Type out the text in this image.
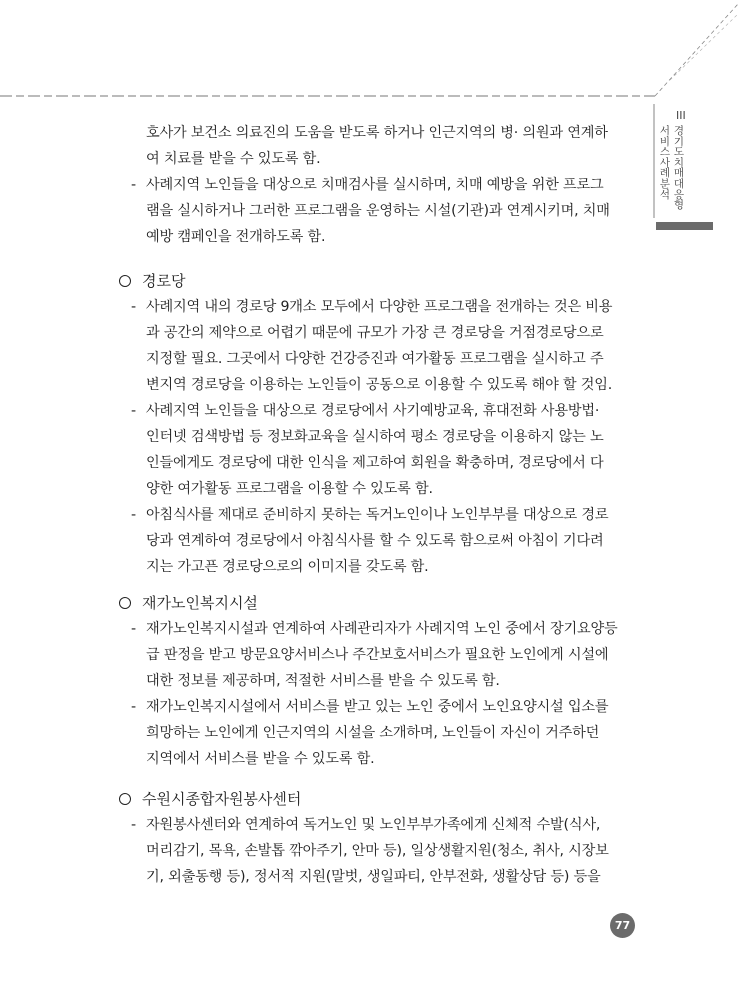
III
경기도치매대응형
서비스사례분석
호사가 보건소 의료진의 도움을 받도록 하거나 인근지역의 병· 의원과 연계하
여 치료를 받을 수 있도록 함.
- 사례지역 노인들을 대상으로 치매검사를 실시하며, 치매 예방을 위한 프로그
램을 실시하거나 그러한 프로그램을 운영하는 시설(기관)과 연계시키며, 치매
예방 캠페인을 전개하도록 함.
경로당
- 사례지역 내의 경로당 9개소 모두에서 다양한 프로그램을 전개하는 것은 비용
과 공간의 제약으로 어렵기 때문에 규모가 가장 큰 경로당을 거점경로당으로
지정할 필요. 그곳에서 다양한 건강증진과 여가활동 프로그램을 실시하고 주
변지역 경로당을 이용하는 노인들이 공동으로 이용할 수 있도록 해야 할 것임.
- 사례지역 노인들을 대상으로 경로당에서 사기예방교육, 휴대전화 사용방법·
인터넷 검색방법 등 정보화교육을 실시하여 평소 경로당을 이용하지 않는 노
인들에게도 경로당에 대한 인식을 제고하여 회원을 확충하며, 경로당에서 다
양한 여가활동 프로그램을 이용할 수 있도록 함.
- 아침식사를 제대로 준비하지 못하는 독거노인이나 노인부부를 대상으로 경로
당과 연계하여 경로당에서 아침식사를 할 수 있도록 함으로써 아침이 기다려
지는 가고픈 경로당으로의 이미지를 갖도록 함.
재가노인복지시설
- 재가노인복지시설과 연계하여 사례관리자가 사례지역 노인 중에서 장기요양등
급 판정을 받고 방문요양서비스나 주간보호서비스가 필요한 노인에게 시설에
대한 정보를 제공하며, 적절한 서비스를 받을 수 있도록 함.
- 재가노인복지시설에서 서비스를 받고 있는 노인 중에서 노인요양시설 입소를
희망하는 노인에게 인근지역의 시설을 소개하며, 노인들이 자신이 거주하던
지역에서 서비스를 받을 수 있도록 함.
수원시종합자원봉사센터
- 자원봉사센터와 연계하여 독거노인 및 노인부부가족에게 신체적 수발(식사,
머리감기, 목욕, 손발톱 깎아주기, 안마 등), 일상생활지원(청소, 취사, 시장보
기, 외출동행 등), 정서적 지원(말벗, 생일파티, 안부전화, 생활상담 등) 등을
77
